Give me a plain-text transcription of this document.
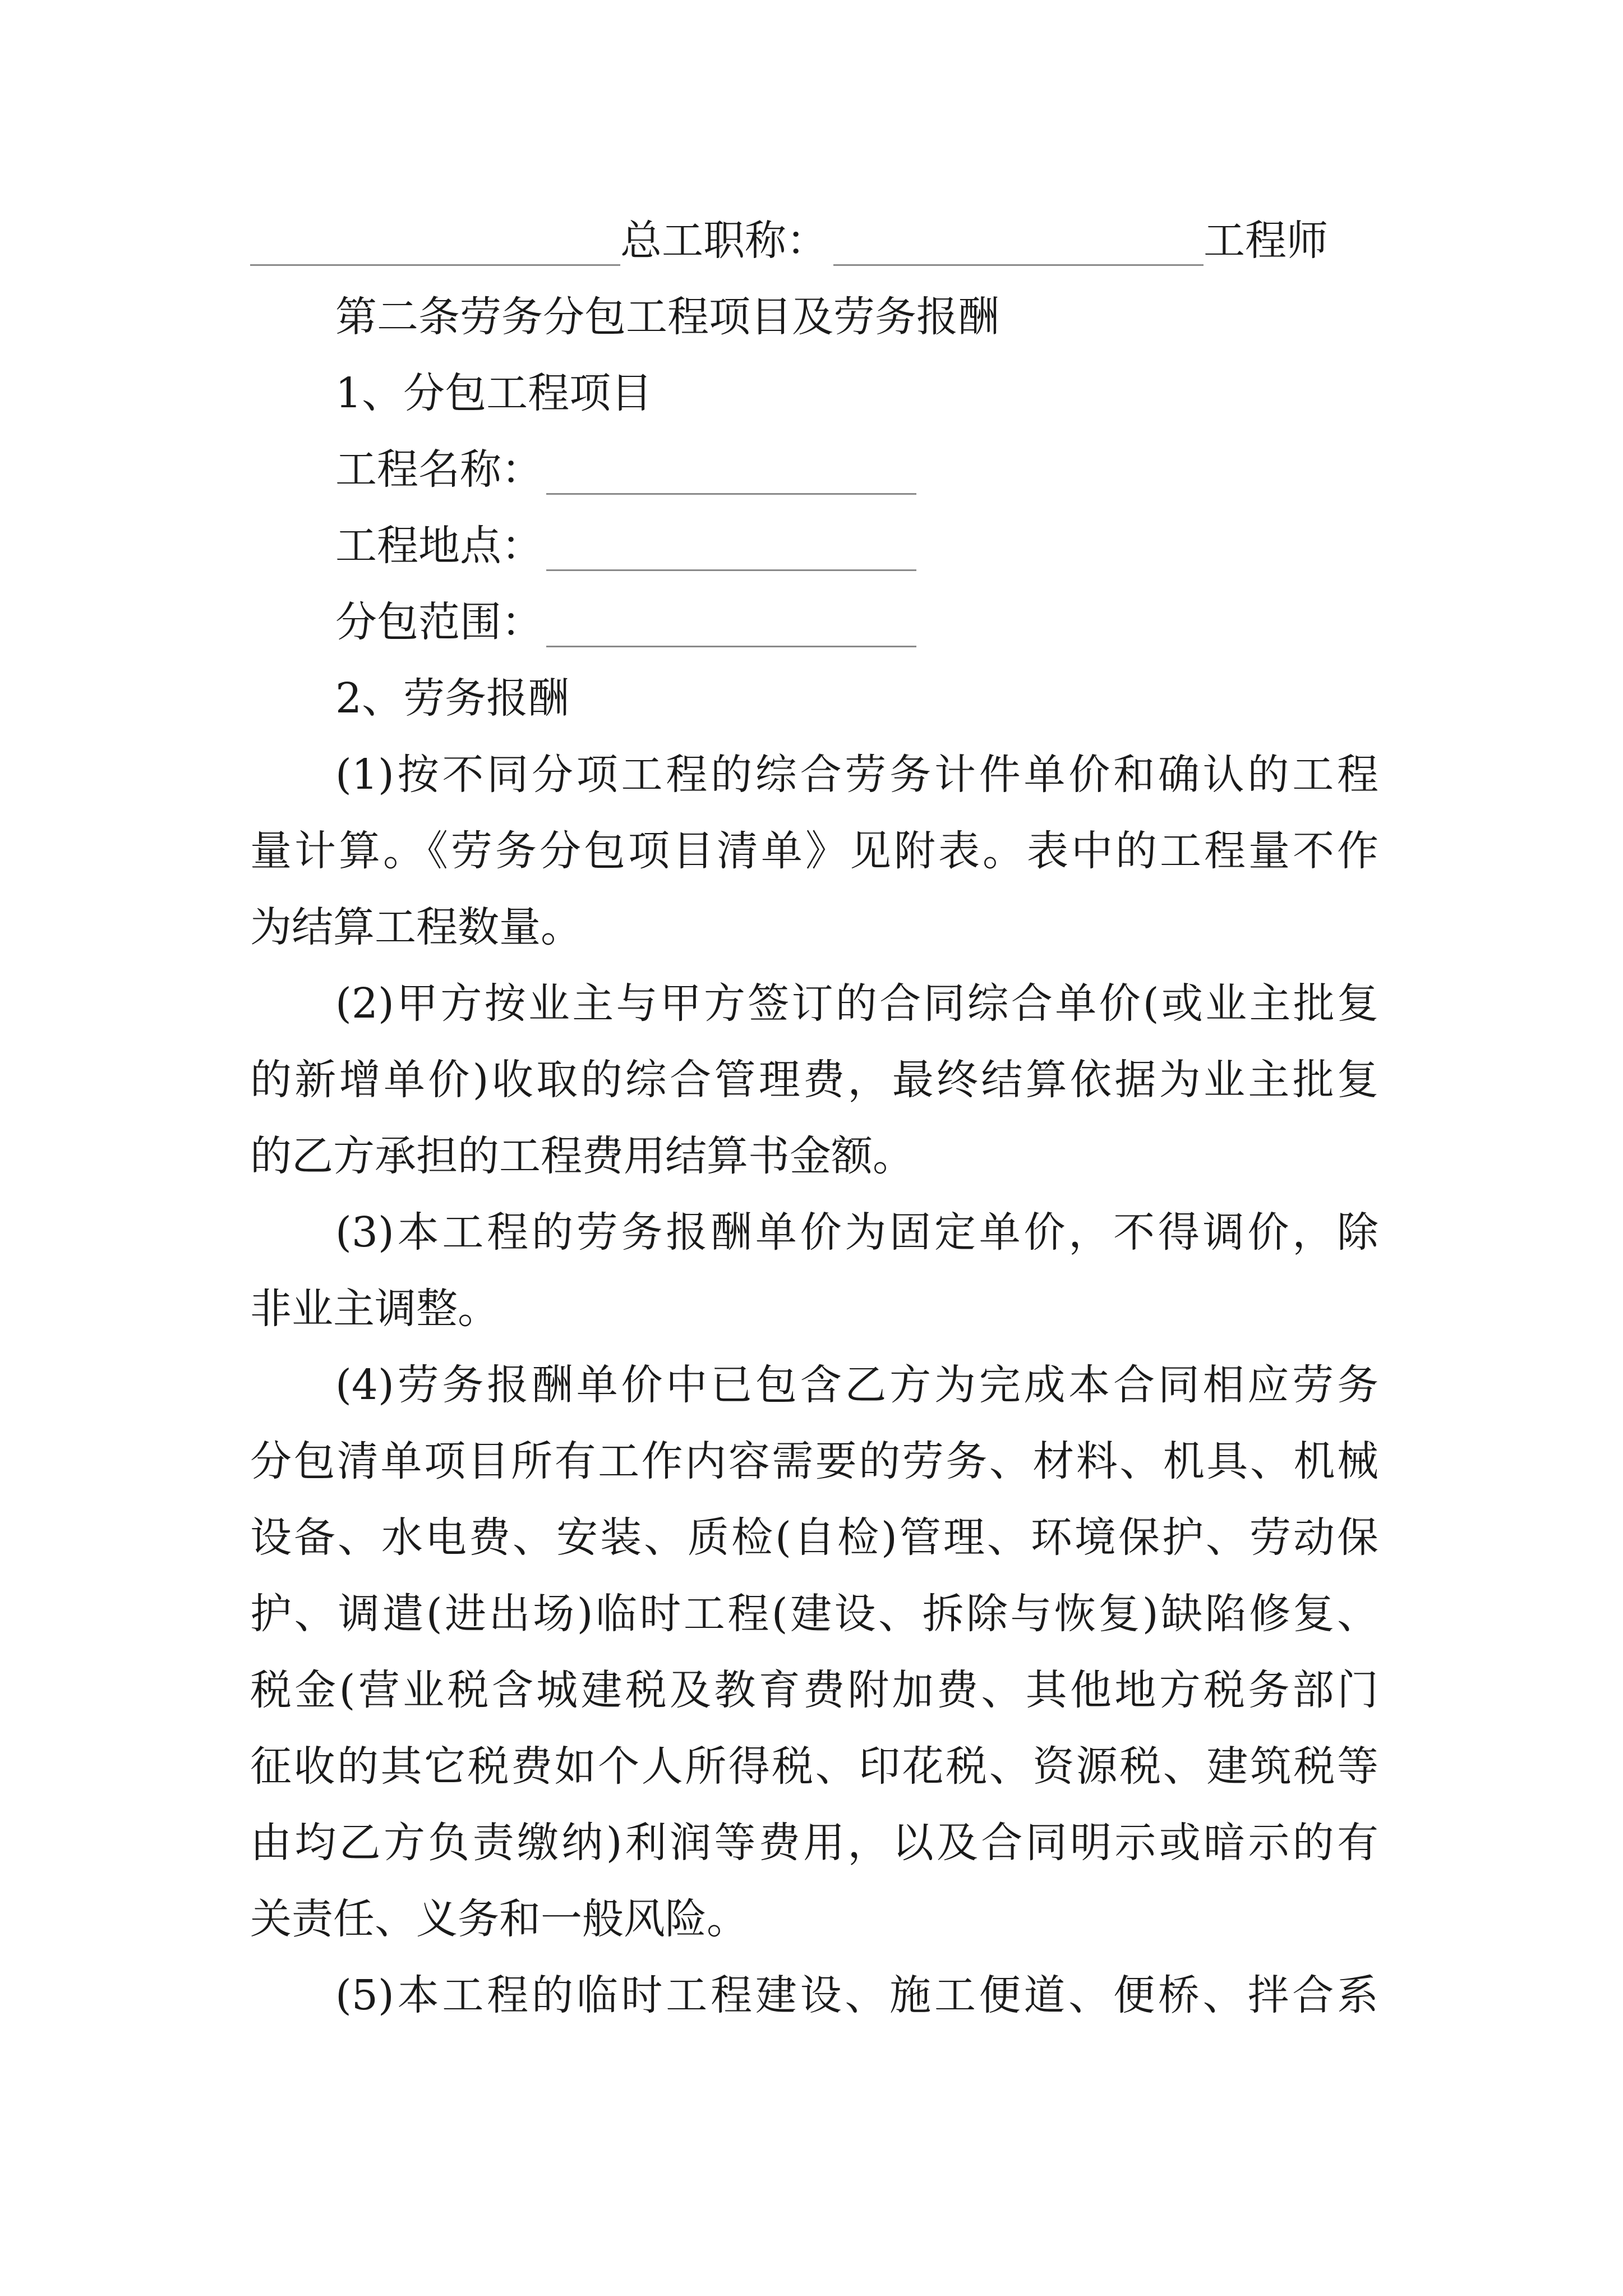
总工职称：	工程师
第二条劳务分包工程项目及劳务报酬
1、分包工程项目
工程名称：
工程地点：
分包范围：
2、劳务报酬
(1)按不同分项工程的综合劳务计件单价和确认的工程
量计算。《劳务分包项目清单》见附表。表中的工程量不作
为结算工程数量。
(2)甲方按业主与甲方签订的合同综合单价(或业主批复
的新增单价)收取的综合管理费，最终结算依据为业主批复
的乙方承担的工程费用结算书金额。
(3)本工程的劳务报酬单价为固定单价，不得调价，除
非业主调整。
(4)劳务报酬单价中已包含乙方为完成本合同相应劳务
分包清单项目所有工作内容需要的劳务、材料、机具、机械
设备、水电费、安装、质检(自检)管理、环境保护、劳动保
护、调遣(进出场)临时工程(建设、拆除与恢复)缺陷修复、
税金(营业税含城建税及教育费附加费、其他地方税务部门
征收的其它税费如个人所得税、印花税、资源税、建筑税等
由均乙方负责缴纳)利润等费用，以及合同明示或暗示的有
关责任、义务和一般风险。
(5)本工程的临时工程建设、施工便道、便桥、拌合系
